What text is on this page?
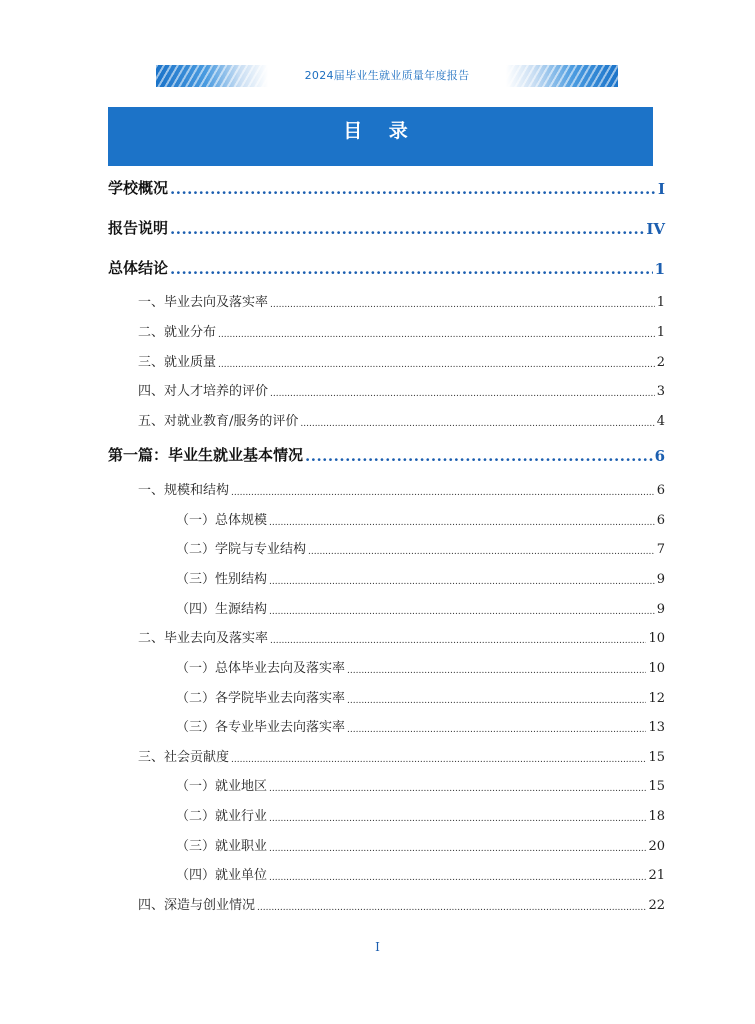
2024届毕业生就业质量年度报告
目 录
学校概况 .....	I
报告说明 .....	IV
总体结论 .....	1
一、毕业去向及落实率 .....	1
二、就业分布 .....	1
三、就业质量 .....	2
四、对人才培养的评价 .....	3
五、对就业教育/服务的评价 .....	4
第一篇：毕业生就业基本情况 .....	6
一、规模和结构 .....	6
（一）总体规模 .....	6
（二）学院与专业结构 .....	7
（三）性别结构 .....	9
（四）生源结构 .....	9
二、毕业去向及落实率 .....	10
（一）总体毕业去向及落实率 .....	10
（二）各学院毕业去向落实率 .....	12
（三）各专业毕业去向落实率 .....	13
三、社会贡献度 .....	15
（一）就业地区 .....	15
（二）就业行业 .....	18
（三）就业职业 .....	20
（四）就业单位 .....	21
四、深造与创业情况 .....	22
I
